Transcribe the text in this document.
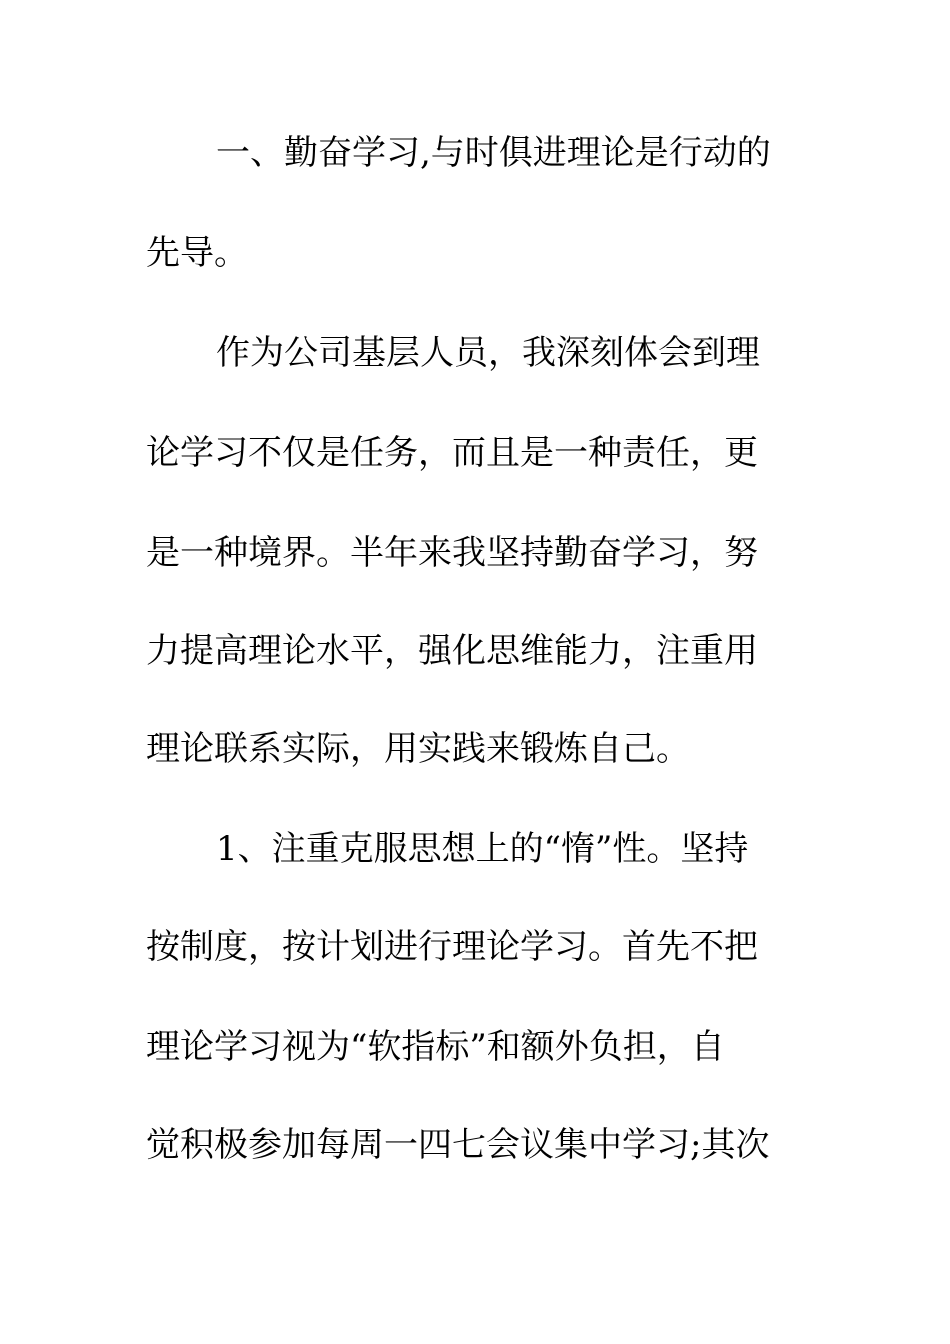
一、勤奋学习,与时俱进理论是行动的
先导。
作为公司基层人员，我深刻体会到理
论学习不仅是任务，而且是一种责任，更
是一种境界。半年来我坚持勤奋学习，努
力提高理论水平，强化思维能力，注重用
理论联系实际，用实践来锻炼自己。
1、注重克服思想上的“惰”性。坚持
按制度，按计划进行理论学习。首先不把
理论学习视为“软指标”和额外负担，自
觉积极参加每周一四七会议集中学习;其次
